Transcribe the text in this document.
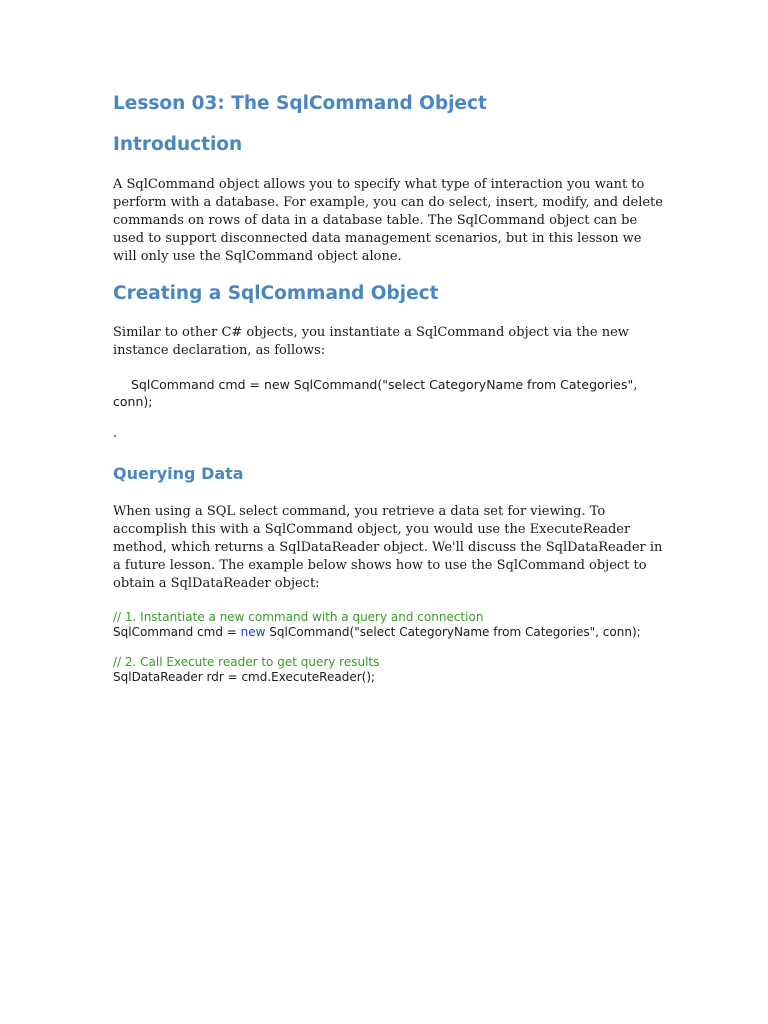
Lesson 03: The SqlCommand Object
Introduction

A SqlCommand object allows you to specify what type of interaction you want to perform with a database. For example, you can do select, insert, modify, and delete commands on rows of data in a database table. The SqlCommand object can be used to support disconnected data management scenarios, but in this lesson we will only use the SqlCommand object alone.

Creating a SqlCommand Object

Similar to other C# objects, you instantiate a SqlCommand object via the new instance declaration, as follows:

SqlCommand cmd = new SqlCommand("select CategoryName from Categories",
conn);
.
Querying Data

When using a SQL select command, you retrieve a data set for viewing. To accomplish this with a SqlCommand object, you would use the ExecuteReader method, which returns a SqlDataReader object. We'll discuss the SqlDataReader in a future lesson. The example below shows how to use the SqlCommand object to obtain a SqlDataReader object:

// 1. Instantiate a new command with a query and connection
SqlCommand cmd = new SqlCommand("select CategoryName from Categories", conn);
// 2. Call Execute reader to get query results
SqlDataReader rdr = cmd.ExecuteReader();
